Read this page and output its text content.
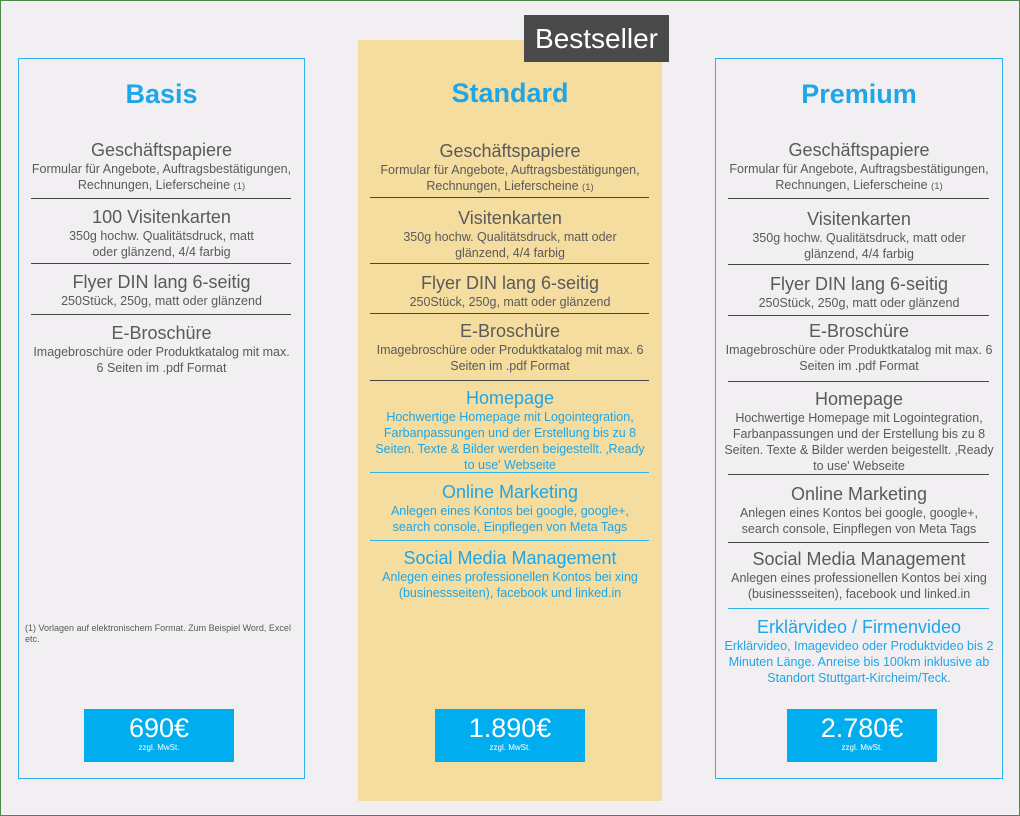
Basis
Geschäftspapiere
Formular für Angebote, Auftragsbestätigungen, Rechnungen, Lieferscheine (1)
100 Visitenkarten
350g hochw. Qualitätsdruck, matt oder glänzend, 4/4 farbig
Flyer DIN lang 6-seitig
250Stück, 250g, matt oder glänzend
E-Broschüre
Imagebroschüre oder Produktkatalog mit max. 6 Seiten im .pdf Format
(1) Vorlagen auf elektronischem Format. Zum Beispiel Word, Excel etc.
690€
zzgl. MwSt.
Standard
Geschäftspapiere
Formular für Angebote, Auftragsbestätigungen, Rechnungen, Lieferscheine (1)
Visitenkarten
350g hochw. Qualitätsdruck, matt oder glänzend, 4/4 farbig
Flyer DIN lang 6-seitig
250Stück, 250g, matt oder glänzend
E-Broschüre
Imagebroschüre oder Produktkatalog mit max. 6 Seiten im .pdf Format
Homepage
Hochwertige Homepage mit Logointegration, Farbanpassungen und der Erstellung bis zu 8 Seiten. Texte & Bilder werden beigestellt. ‚Ready to use' Webseite
Online Marketing
Anlegen eines Kontos bei google, google+, search console, Einpflegen von Meta Tags
Social Media Management
Anlegen eines professionellen Kontos bei xing (businessseiten), facebook und linked.in
1.890€
zzgl. MwSt.
Bestseller
Premium
Geschäftspapiere
Formular für Angebote, Auftragsbestätigungen, Rechnungen, Lieferscheine (1)
Visitenkarten
350g hochw. Qualitätsdruck, matt oder glänzend, 4/4 farbig
Flyer DIN lang 6-seitig
250Stück, 250g, matt oder glänzend
E-Broschüre
Imagebroschüre oder Produktkatalog mit max. 6 Seiten im .pdf Format
Homepage
Hochwertige Homepage mit Logointegration, Farbanpassungen und der Erstellung bis zu 8 Seiten. Texte & Bilder werden beigestellt. ‚Ready to use' Webseite
Online Marketing
Anlegen eines Kontos bei google, google+, search console, Einpflegen von Meta Tags
Social Media Management
Anlegen eines professionellen Kontos bei xing (businessseiten), facebook und linked.in
Erklärvideo / Firmenvideo
Erklärvideo, Imagevideo oder Produktvideo bis 2 Minuten Länge. Anreise bis 100km inklusive ab Standort Stuttgart-Kircheim/Teck.
2.780€
zzgl. MwSt.
